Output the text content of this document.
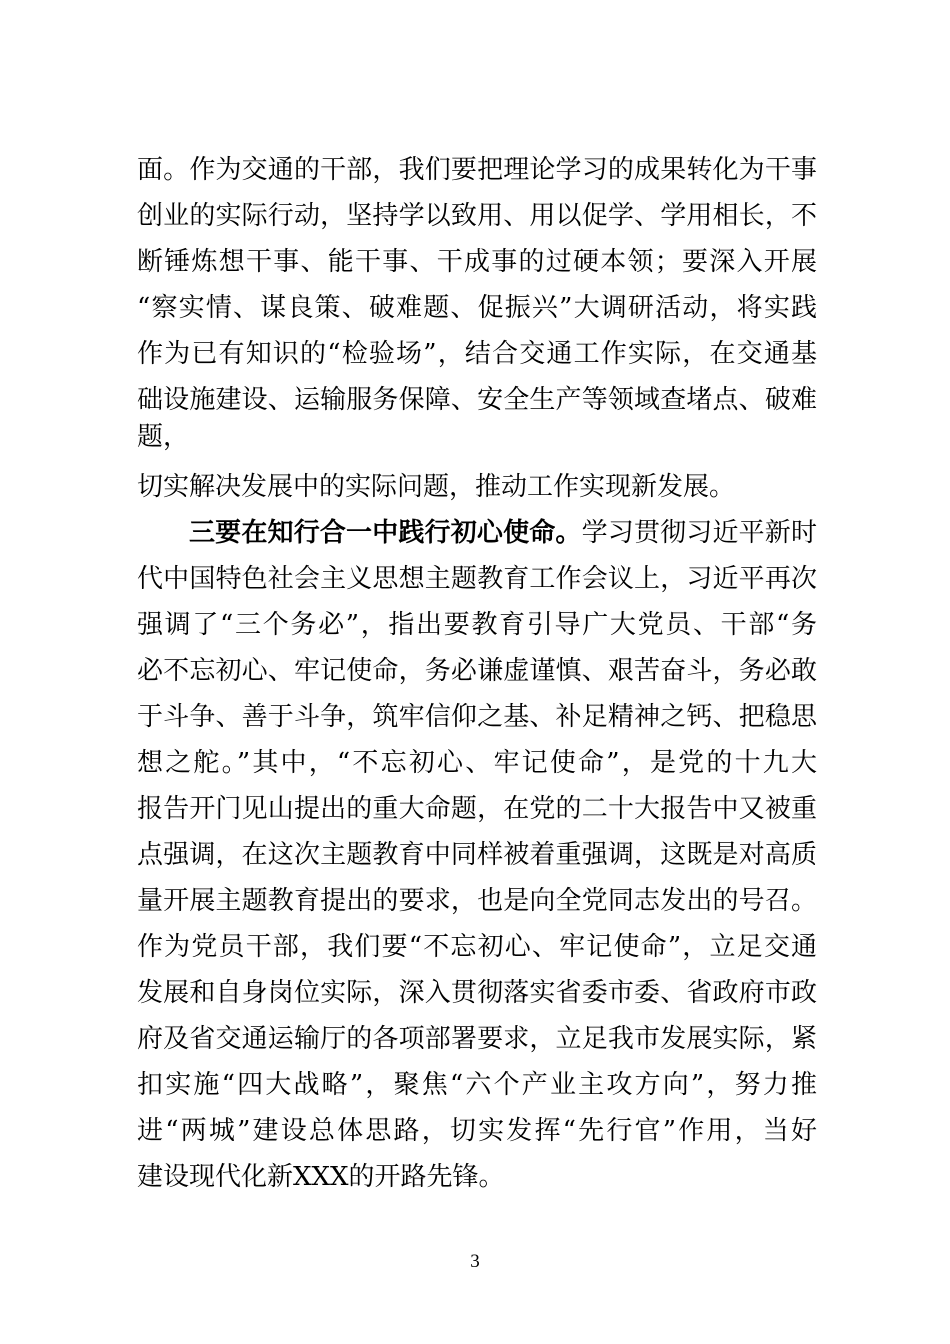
面。作为交通的干部，我们要把理论学习的成果转化为干事
创业的实际行动，坚持学以致用、用以促学、学用相长，不
断锤炼想干事、能干事、干成事的过硬本领；要深入开展
“察实情、谋良策、破难题、促振兴”大调研活动，将实践
作为已有知识的“检验场”，结合交通工作实际，在交通基
础设施建设、运输服务保障、安全生产等领域查堵点、破难
题，
切实解决发展中的实际问题，推动工作实现新发展。
三要在知行合一中践行初心使命。学习贯彻习近平新时
代中国特色社会主义思想主题教育工作会议上，习近平再次
强调了“三个务必”，指出要教育引导广大党员、干部“务
必不忘初心、牢记使命，务必谦虚谨慎、艰苦奋斗，务必敢
于斗争、善于斗争，筑牢信仰之基、补足精神之钙、把稳思
想之舵。”其中，“不忘初心、牢记使命”，是党的十九大
报告开门见山提出的重大命题，在党的二十大报告中又被重
点强调，在这次主题教育中同样被着重强调，这既是对高质
量开展主题教育提出的要求，也是向全党同志发出的号召。
作为党员干部，我们要“不忘初心、牢记使命”，立足交通
发展和自身岗位实际，深入贯彻落实省委市委、省政府市政
府及省交通运输厅的各项部署要求，立足我市发展实际，紧
扣实施“四大战略”，聚焦“六个产业主攻方向”，努力推
进“两城”建设总体思路，切实发挥“先行官”作用，当好
建设现代化新XXX的开路先锋。
3
